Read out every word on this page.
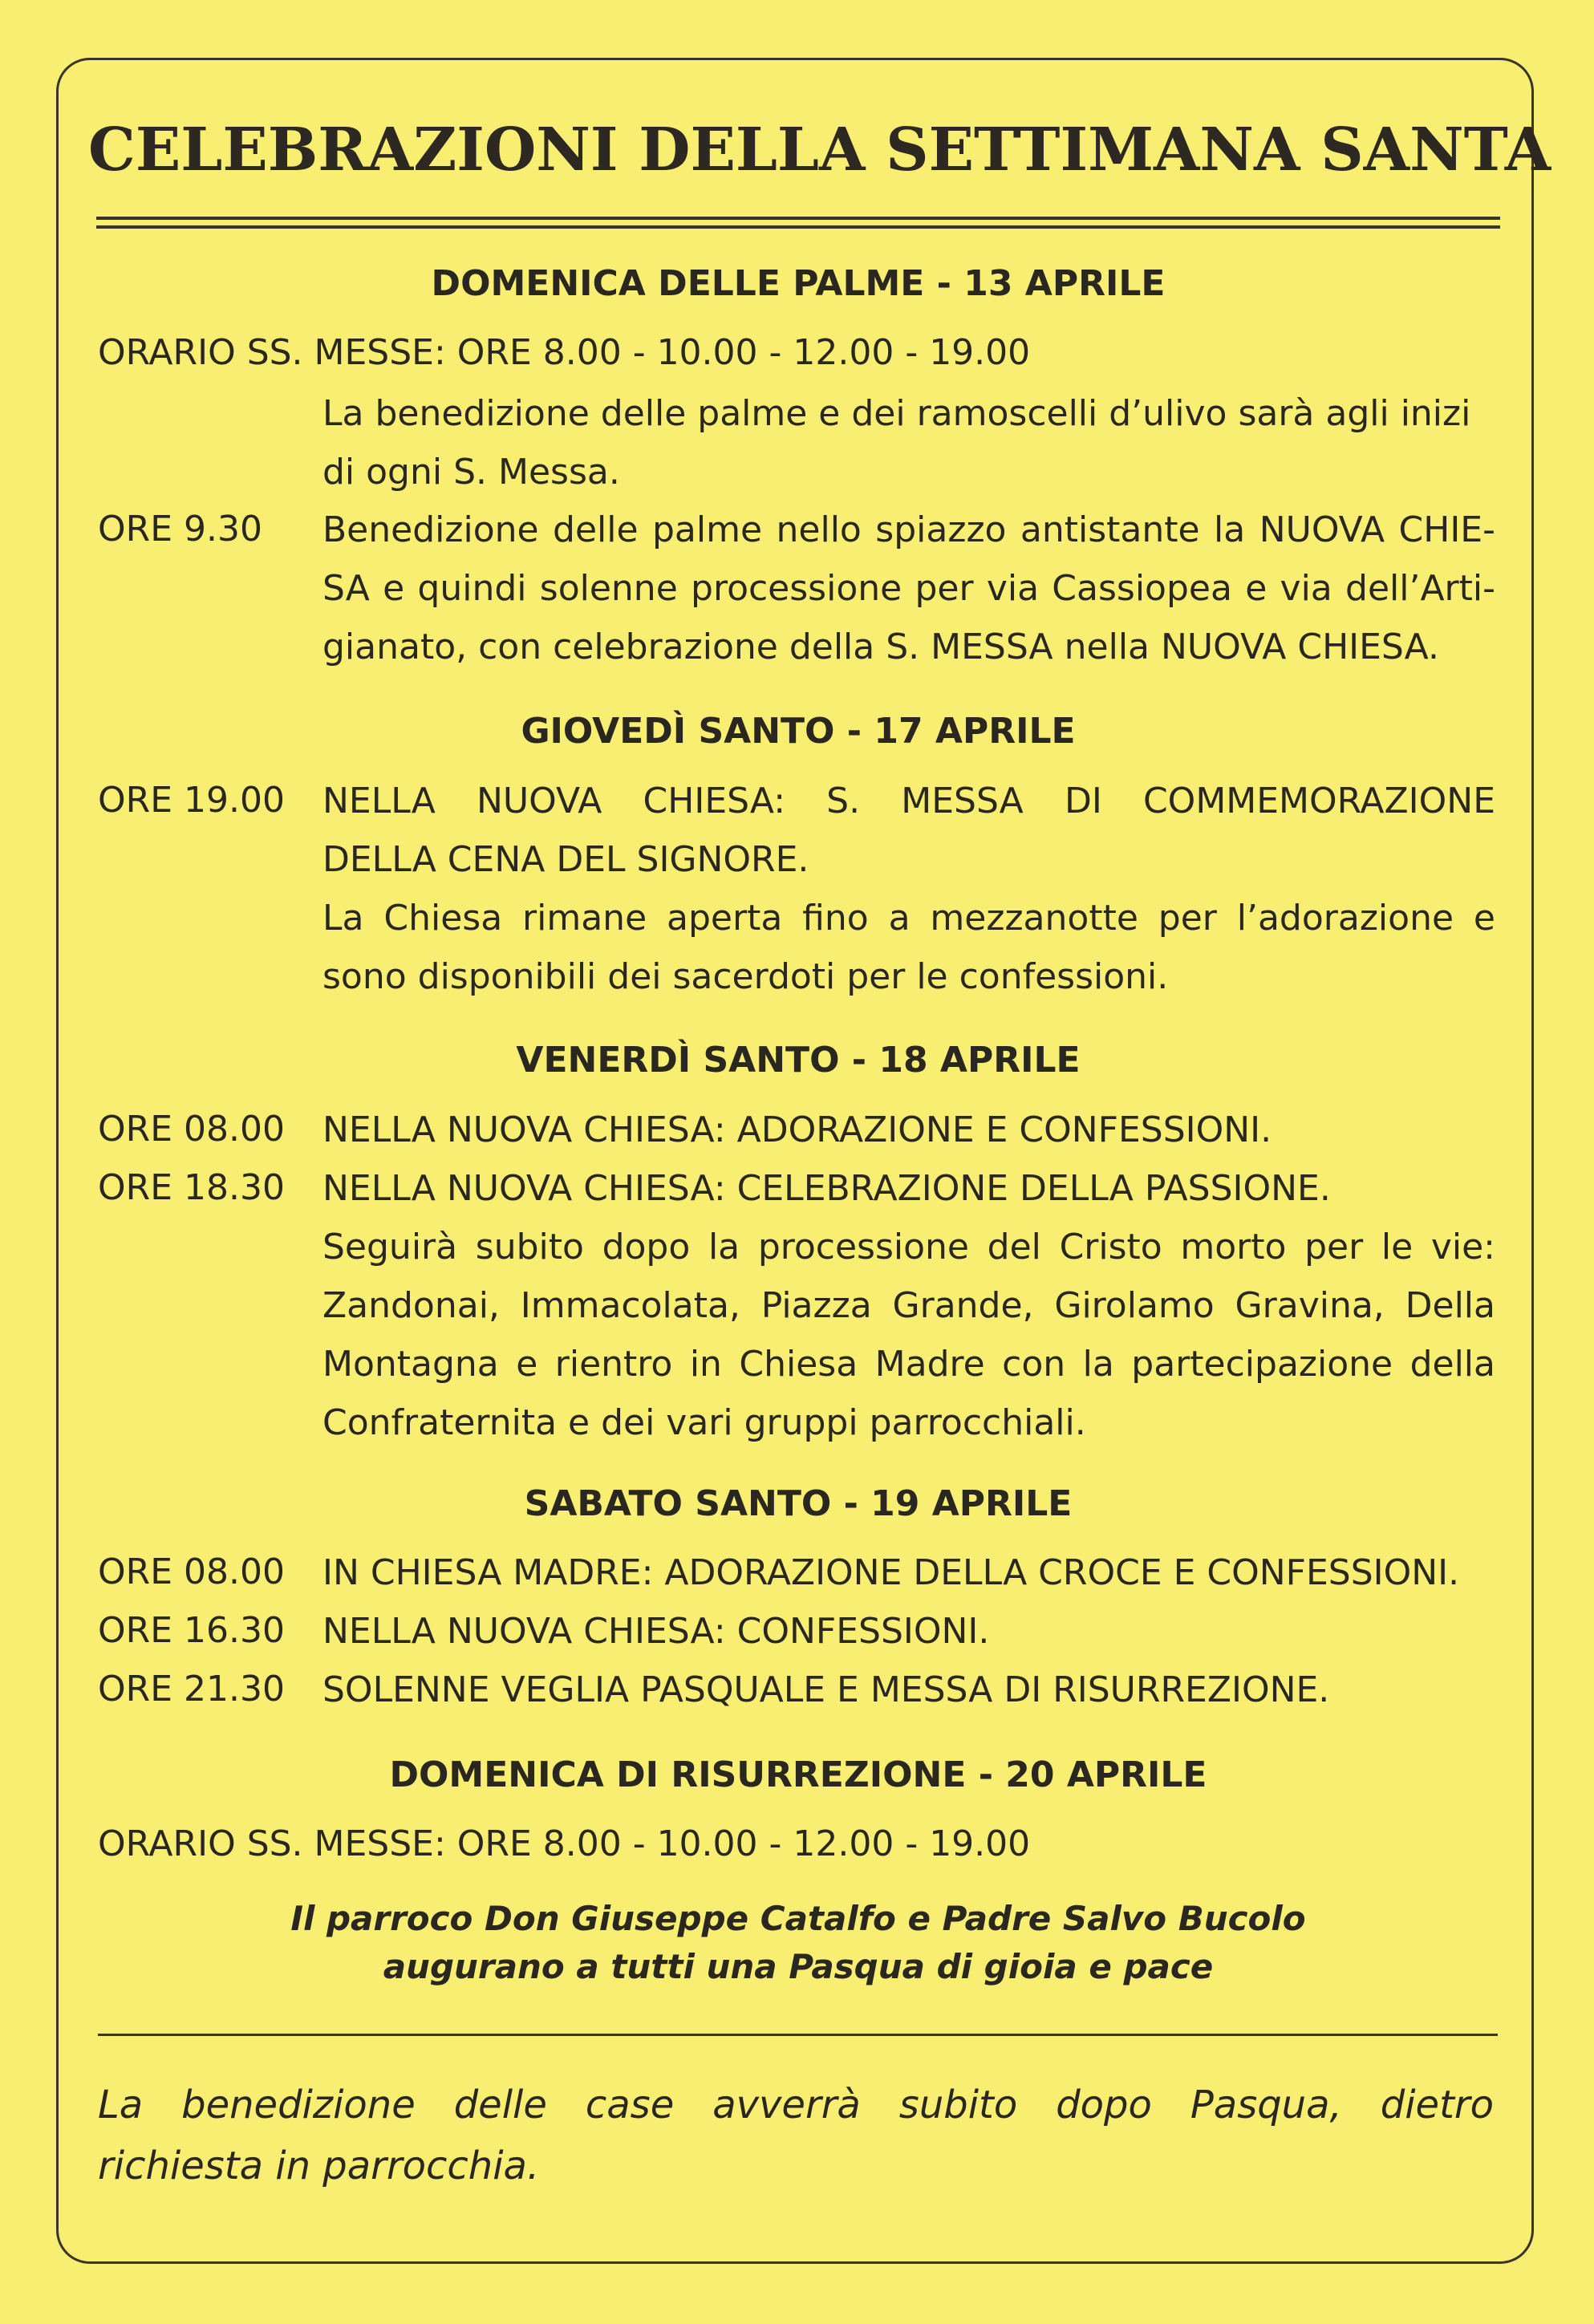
CELEBRAZIONI DELLA SETTIMANA SANTA
DOMENICA DELLE PALME - 13 APRILE
ORARIO SS. MESSE: ORE 8.00 - 10.00 - 12.00 - 19.00
La benedizione delle palme e dei ramoscelli d’ulivo sarà agli inizi
di ogni S. Messa.
ORE 9.30 Benedizione delle palme nello spiazzo antistante la NUOVA CHIE-
SA e quindi solenne processione per via Cassiopea e via dell’Arti-
gianato, con celebrazione della S. MESSA nella NUOVA CHIESA.
GIOVEDÌ SANTO - 17 APRILE
ORE 19.00 NELLA NUOVA CHIESA: S. MESSA DI COMMEMORAZIONE
DELLA CENA DEL SIGNORE.
La Chiesa rimane aperta fino a mezzanotte per l’adorazione e
sono disponibili dei sacerdoti per le confessioni.
VENERDÌ SANTO - 18 APRILE
ORE 08.00 NELLA NUOVA CHIESA: ADORAZIONE E CONFESSIONI.
ORE 18.30 NELLA NUOVA CHIESA: CELEBRAZIONE DELLA PASSIONE.
Seguirà subito dopo la processione del Cristo morto per le vie:
Zandonai, Immacolata, Piazza Grande, Girolamo Gravina, Della
Montagna e rientro in Chiesa Madre con la partecipazione della
Confraternita e dei vari gruppi parrocchiali.
SABATO SANTO - 19 APRILE
ORE 08.00 IN CHIESA MADRE: ADORAZIONE DELLA CROCE E CONFESSIONI.
ORE 16.30 NELLA NUOVA CHIESA: CONFESSIONI.
ORE 21.30 SOLENNE VEGLIA PASQUALE E MESSA DI RISURREZIONE.
DOMENICA DI RISURREZIONE - 20 APRILE
ORARIO SS. MESSE: ORE 8.00 - 10.00 - 12.00 - 19.00
Il parroco Don Giuseppe Catalfo e Padre Salvo Bucolo
augurano a tutti una Pasqua di gioia e pace
La benedizione delle case avverrà subito dopo Pasqua, dietro
richiesta in parrocchia.
